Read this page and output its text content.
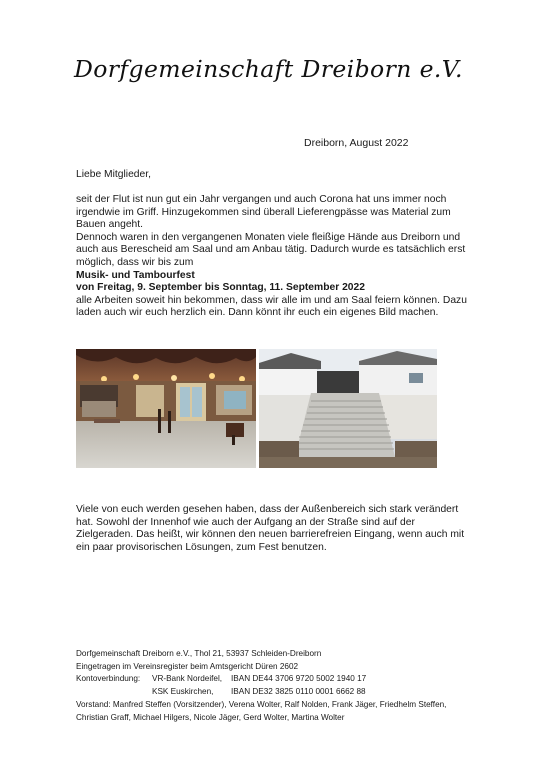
Dorfgemeinschaft Dreiborn e.V.
Dreiborn, August 2022
Liebe Mitglieder,

seit der Flut ist nun gut ein Jahr vergangen und auch Corona hat uns immer noch irgendwie im Griff. Hinzugekommen sind überall Lieferengpässe was Material zum Bauen angeht.

Dennoch waren in den vergangenen Monaten viele fleißige Hände aus Dreiborn und auch aus Berescheid am Saal und am Anbau tätig. Dadurch wurde es tatsächlich erst möglich, dass wir bis zum

Musik- und Tambourfest

von Freitag, 9. September bis Sonntag, 11. September 2022

alle Arbeiten soweit hin bekommen, dass wir alle im und am Saal feiern können. Dazu laden auch wir euch herzlich ein. Dann könnt ihr euch ein eigenes Bild machen.

Viele von euch werden gesehen haben, dass der Außenbereich sich stark verändert hat. Sowohl der Innenhof wie auch der Aufgang an der Straße sind auf der Zielgeraden. Das heißt, wir können den neuen barrierefreien Eingang, wenn auch mit ein paar provisorischen Lösungen, zum Fest benutzen.
Dorfgemeinschaft Dreiborn e.V., Thol 21, 53937 Schleiden-Dreiborn
Eingetragen im Vereinsregister beim Amtsgericht Düren 2602
Kontoverbindung: VR-Bank Nordeifel, IBAN DE44 3706 9720 5002 1940 17
KSK Euskirchen, IBAN DE32 3825 0110 0001 6662 88
Vorstand: Manfred Steffen (Vorsitzender), Verena Wolter, Ralf Nolden, Frank Jäger, Friedhelm Steffen,
Christian Graff, Michael Hilgers, Nicole Jäger, Gerd Wolter, Martina Wolter
